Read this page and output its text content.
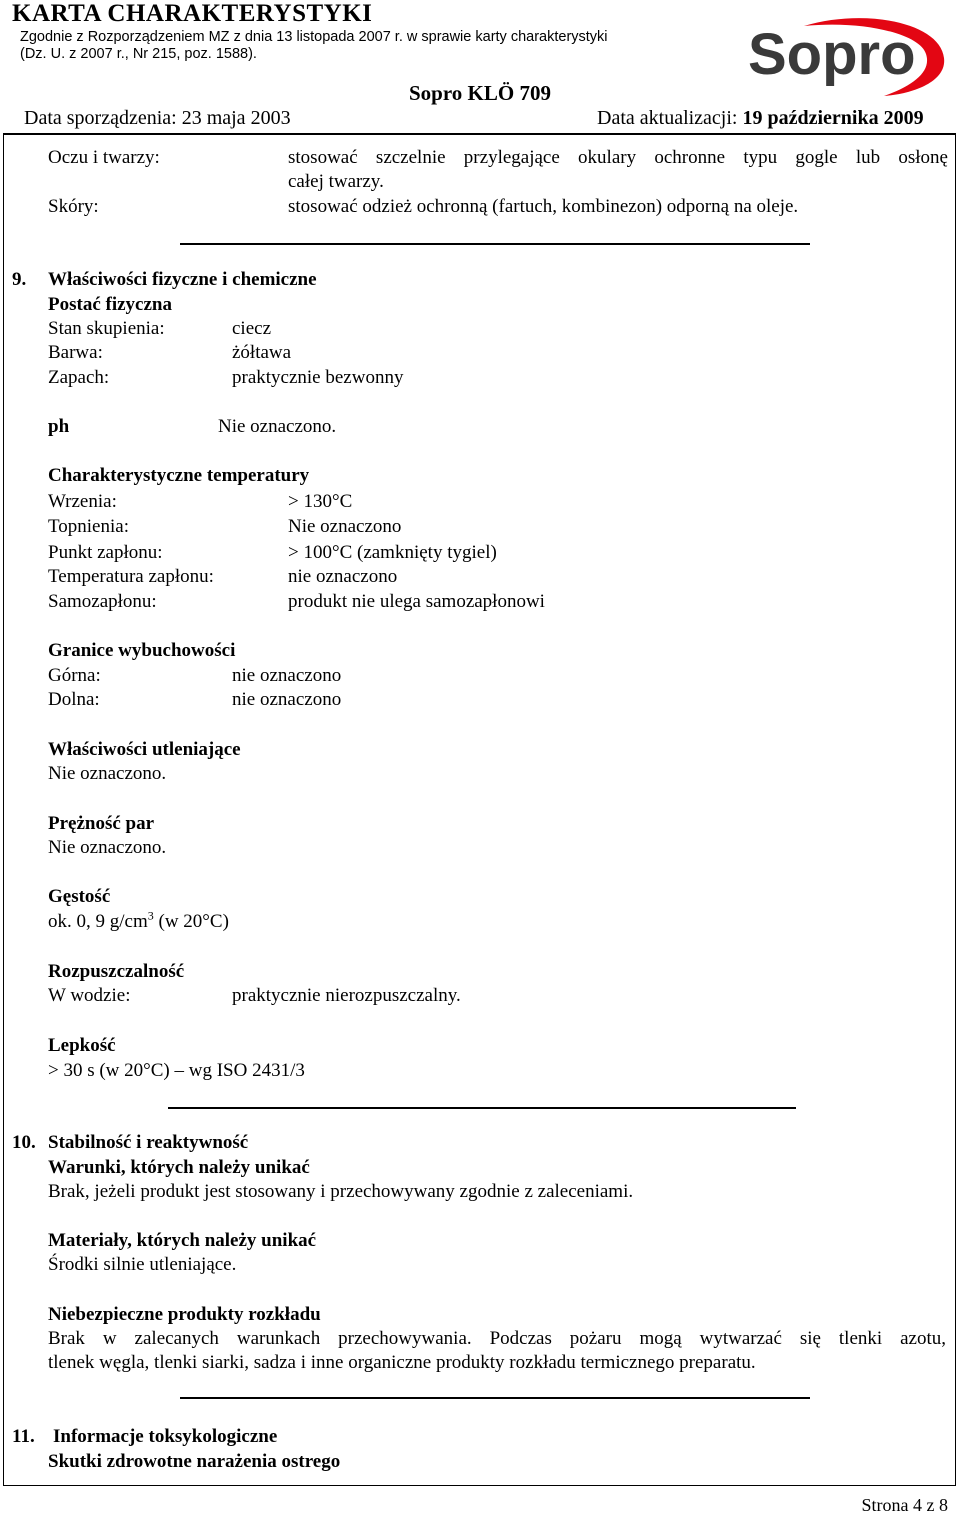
KARTA CHARAKTERYSTYKI
Zgodnie z Rozporządzeniem MZ z dnia 13 listopada 2007 r. w sprawie karty charakterystyki
(Dz. U. z 2007 r., Nr 215, poz. 1588).	Sopro
Sopro KLÖ 709
Data sporządzenia: 23 maja 2003	Data aktualizacji: 19 października 2009
Oczu i twarzy:	stosować szczelnie przylegające okulary ochronne typu gogle lub osłonę
całej twarzy.
Skóry:	stosować odzież ochronną (fartuch, kombinezon) odporną na oleje.
9. Właściwości fizyczne i chemiczne
Postać fizyczna
Stan skupienia:	ciecz
Barwa:	żółtawa
Zapach:	praktycznie bezwonny
ph	Nie oznaczono.
Charakterystyczne temperatury
Wrzenia:	> 130°C
Topnienia:	Nie oznaczono
Punkt zapłonu:	> 100°C (zamknięty tygiel)
Temperatura zapłonu:	nie oznaczono
Samozapłonu:	produkt nie ulega samozapłonowi
Granice wybuchowości
Górna:	nie oznaczono
Dolna:	nie oznaczono
Właściwości utleniające
Nie oznaczono.
Prężność par
Nie oznaczono.
Gęstość
ok. 0, 9 $g/cm^3$ (w 20°C)
Rozpuszczalność
W wodzie:	praktycznie nierozpuszczalny.
Lepkość
> 30 s (w 20°C) – wg ISO 2431/3
10. Stabilność i reaktywność
Warunki, których należy unikać
Brak, jeżeli produkt jest stosowany i przechowywany zgodnie z zaleceniami.
Materiały, których należy unikać
Środki silnie utleniające.
Niebezpieczne produkty rozkładu
Brak w zalecanych warunkach przechowywania. Podczas pożaru mogą wytwarzać się tlenki azotu,
tlenek węgla, tlenki siarki, sadza i inne organiczne produkty rozkładu termicznego preparatu.
11. Informacje toksykologiczne
Skutki zdrowotne narażenia ostrego
Strona 4 z 8
